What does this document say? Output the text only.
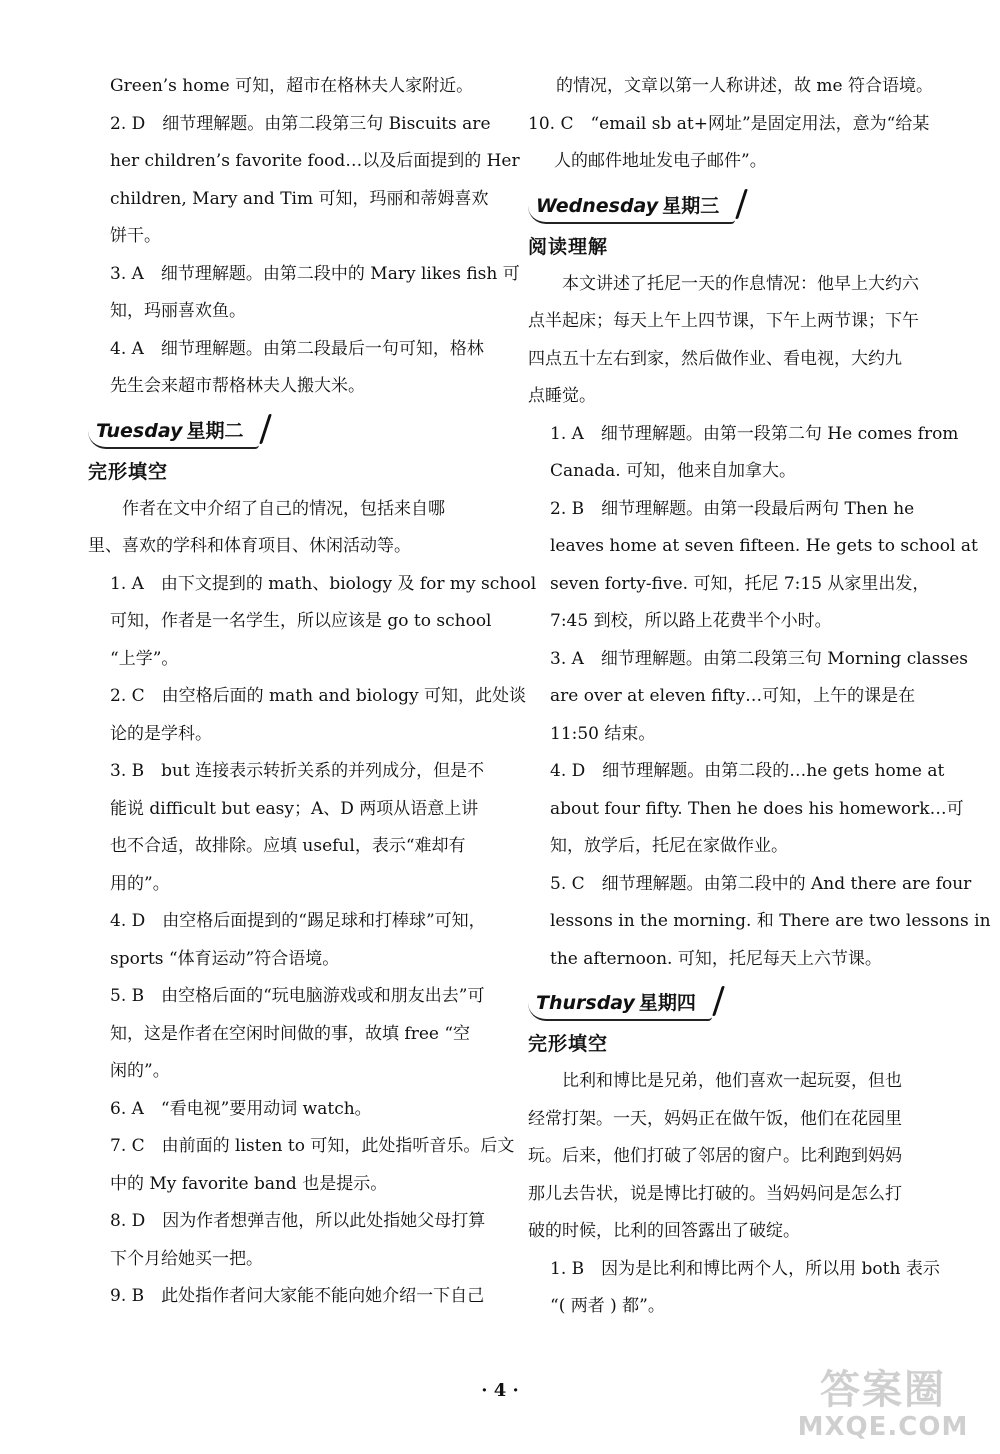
Green’s home 可知，超市在格林夫人家附近。

2. D　细节理解题。由第二段第三句 Biscuits are

her children’s favorite food…以及后面提到的 Her

children, Mary and Tim 可知，玛丽和蒂姆喜欢

饼干。

3. A　细节理解题。由第二段中的 Mary likes fish 可

知，玛丽喜欢鱼。

4. A　细节理解题。由第二段最后一句可知，格林

先生会来超市帮格林夫人搬大米。

Tuesday 星期二

完形填空

作者在文中介绍了自己的情况，包括来自哪

里、喜欢的学科和体育项目、休闲活动等。

1. A　由下文提到的 math、biology 及 for my school

可知，作者是一名学生，所以应该是 go to school

“上学”。

2. C　由空格后面的 math and biology 可知，此处谈

论的是学科。

3. B　but 连接表示转折关系的并列成分，但是不

能说 difficult but easy；A、D 两项从语意上讲

也不合适，故排除。应填 useful，表示“难却有

用的”。

4. D　由空格后面提到的“踢足球和打棒球”可知，

sports “体育运动”符合语境。

5. B　由空格后面的“玩电脑游戏或和朋友出去”可

知，这是作者在空闲时间做的事，故填 free “空

闲的”。

6. A　“看电视”要用动词 watch。

7. C　由前面的 listen to 可知，此处指听音乐。后文

中的 My favorite band 也是提示。

8. D　因为作者想弹吉他，所以此处指她父母打算

下个月给她买一把。

9. B　此处指作者问大家能不能向她介绍一下自己

的情况，文章以第一人称讲述，故 me 符合语境。

10. C　“email sb at+网址”是固定用法，意为“给某

人的邮件地址发电子邮件”。

Wednesday 星期三

阅读理解

本文讲述了托尼一天的作息情况：他早上大约六

点半起床；每天上午上四节课，下午上两节课；下午

四点五十左右到家，然后做作业、看电视，大约九

点睡觉。

1. A　细节理解题。由第一段第二句 He comes from

Canada. 可知，他来自加拿大。

2. B　细节理解题。由第一段最后两句 Then he

leaves home at seven fifteen. He gets to school at

seven forty-five. 可知，托尼 7:15 从家里出发，

7:45 到校，所以路上花费半个小时。

3. A　细节理解题。由第二段第三句 Morning classes

are over at eleven fifty…可知，上午的课是在

11:50 结束。

4. D　细节理解题。由第二段的…he gets home at

about four fifty. Then he does his homework…可

知，放学后，托尼在家做作业。

5. C　细节理解题。由第二段中的 And there are four

lessons in the morning. 和 There are two lessons in

the afternoon. 可知，托尼每天上六节课。

Thursday 星期四

完形填空

比利和博比是兄弟，他们喜欢一起玩耍，但也

经常打架。一天，妈妈正在做午饭，他们在花园里

玩。后来，他们打破了邻居的窗户。比利跑到妈妈

那儿去告状，说是博比打破的。当妈妈问是怎么打

破的时候，比利的回答露出了破绽。

1. B　因为是比利和博比两个人，所以用 both 表示

“( 两者 ) 都”。

· 4 ·	答案圈
MXQE.COM
